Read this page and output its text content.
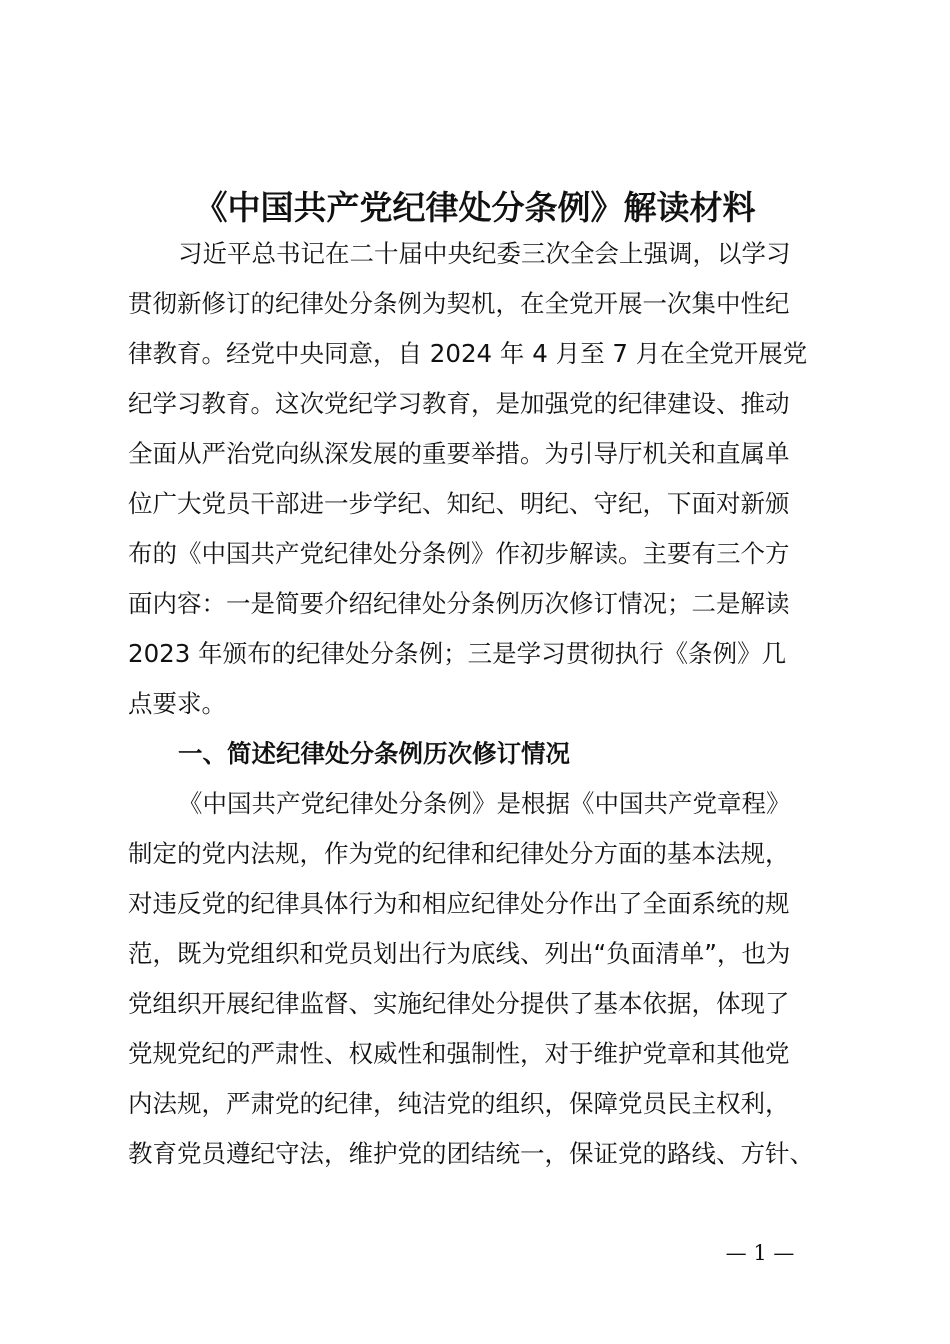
《中国共产党纪律处分条例》解读材料
习近平总书记在二十届中央纪委三次全会上强调，以学习
贯彻新修订的纪律处分条例为契机，在全党开展一次集中性纪
律教育。经党中央同意，自 2024 年 4 月至 7 月在全党开展党
纪学习教育。这次党纪学习教育，是加强党的纪律建设、推动
全面从严治党向纵深发展的重要举措。为引导厅机关和直属单
位广大党员干部进一步学纪、知纪、明纪、守纪，下面对新颁
布的《中国共产党纪律处分条例》作初步解读。主要有三个方
面内容：一是简要介绍纪律处分条例历次修订情况；二是解读
2023 年颁布的纪律处分条例；三是学习贯彻执行《条例》几
点要求。
一、简述纪律处分条例历次修订情况
《中国共产党纪律处分条例》是根据《中国共产党章程》
制定的党内法规，作为党的纪律和纪律处分方面的基本法规，
对违反党的纪律具体行为和相应纪律处分作出了全面系统的规
范，既为党组织和党员划出行为底线、列出“负面清单”，也为
党组织开展纪律监督、实施纪律处分提供了基本依据，体现了
党规党纪的严肃性、权威性和强制性，对于维护党章和其他党
内法规，严肃党的纪律，纯洁党的组织，保障党员民主权利，
教育党员遵纪守法，维护党的团结统一，保证党的路线、方针、
— 1 —
